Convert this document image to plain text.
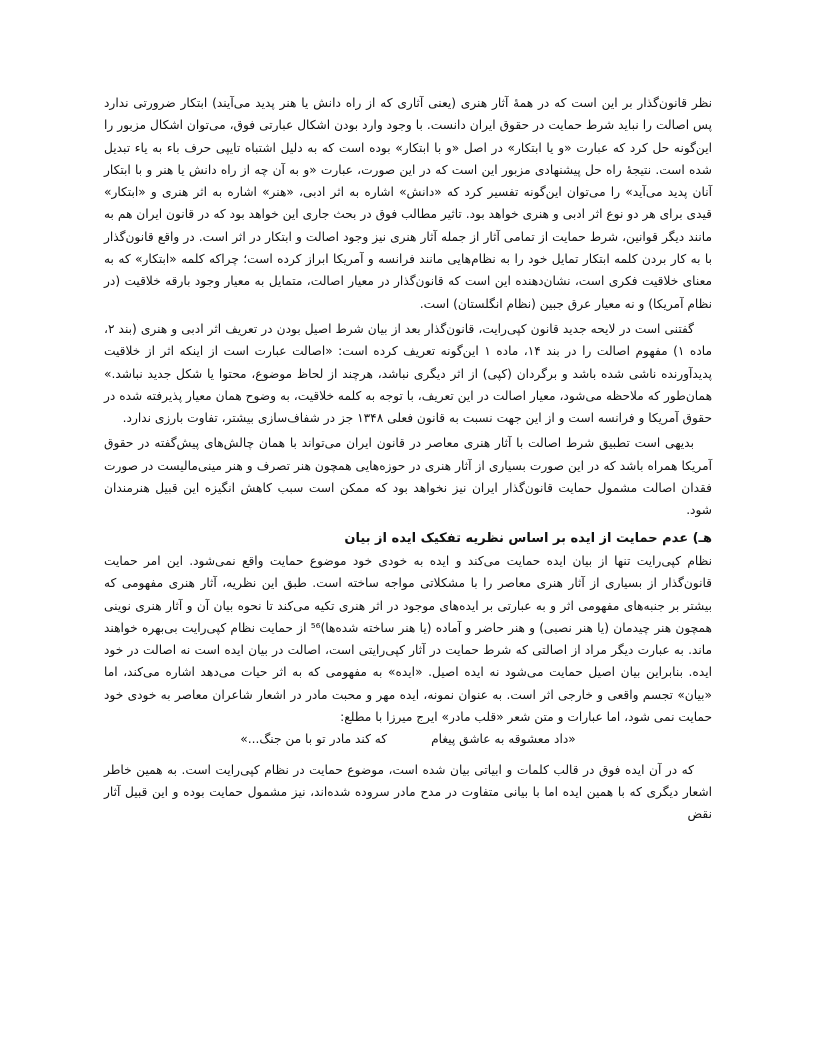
نظر قانون‌گذار بر این است که در همهٔ آثار هنری (یعنی آثاری که از راه دانش یا هنر پدید می‌آیند) ابتکار ضرورتی ندارد پس اصالت را نباید شرط حمایت در حقوق ایران دانست. با وجود وارد بودن اشکال عبارتی فوق، می‌توان اشکال مزبور را این‌گونه حل کرد که عبارت «و یا ابتکار» در اصل «و با ابتکار» بوده است که به دلیل اشتباه تایپی حرف باء به یاء تبدیل شده است. نتیجهٔ راه حل پیشنهادی مزبور این است که در این صورت، عبارت «و به آن چه از راه دانش یا هنر و با ابتکار آنان پدید می‌آید» را می‌توان این‌گونه تفسیر کرد که «دانش» اشاره به اثر ادبی، «هنر» اشاره به اثر هنری و «ابتکار» قیدی برای هر دو نوع اثر ادبی و هنری خواهد بود. تاثیر مطالب فوق در بحث جاری این خواهد بود که در قانون ایران هم به مانند دیگر قوانین، شرط حمایت از تمامی آثار از جمله آثار هنری نیز وجود اصالت و ابتکار در اثر است. در واقع قانون‌گذار با به کار بردن کلمه ابتکار تمایل خود را به نظام‌هایی مانند فرانسه و آمریکا ابراز کرده است؛ چراکه کلمه «ابتکار» که به معنای خلاقیت فکری است، نشان‌دهنده این است که قانون‌گذار در معیار اصالت، متمایل به معیار وجود بارقه خلاقیت (در نظام آمریکا) و نه معیار عرق جبین (نظام انگلستان) است.

گفتنی است در لایحه جدید قانون کپی‌رایت، قانون‌گذار بعد از بیان شرط اصیل بودن در تعریف اثر ادبی و هنری (بند ۲، ماده ۱) مفهوم اصالت را در بند ۱۴، ماده ۱ این‌گونه تعریف کرده است: «اصالت عبارت است از اینکه اثر از خلاقیت پدیدآورنده ناشی شده باشد و برگردان (کپی) از اثر دیگری نباشد، هرچند از لحاظ موضوع، محتوا یا شکل جدید نباشد.» همان‌طور که ملاحظه می‌شود، معیار اصالت در این تعریف، با توجه به کلمه خلاقیت، به وضوح همان معیار پذیرفته شده در حقوق آمریکا و فرانسه است و از این جهت نسبت به قانون فعلی ۱۳۴۸ جز در شفاف‌سازی بیشتر، تفاوت بارزی ندارد.

بدیهی است تطبیق شرط اصالت با آثار هنری معاصر در قانون ایران می‌تواند با همان چالش‌های پیش‌گفته در حقوق آمریکا همراه باشد که در این صورت بسیاری از آثار هنری در حوزه‌هایی همچون هنر تصرف و هنر مینی‌مالیست در صورت فقدان اصالت مشمول حمایت قانون‌گذار ایران نیز نخواهد بود که ممکن است سبب کاهش انگیزه این قبیل هنرمندان شود.

هـ) عدم حمایت از ایده بر اساس نظریه تفکیک ایده از بیان

نظام کپی‌رایت تنها از بیان ایده حمایت می‌کند و ایده به خودی خود موضوع حمایت واقع نمی‌شود. این امر حمایت قانون‌گذار از بسیاری از آثار هنری معاصر را با مشکلاتی مواجه ساخته است. طبق این نظریه، آثار هنری مفهومی که بیشتر بر جنبه‌های مفهومی اثر و به عبارتی بر ایده‌های موجود در اثر هنری تکیه می‌کند تا نحوه بیان آن و آثار هنری نوینی همچون هنر چیدمان (یا هنر نصبی) و هنر حاضر و آماده (یا هنر ساخته شده‌ها)⁵⁶ از حمایت نظام کپی‌رایت بی‌بهره خواهند ماند. به عبارت دیگر مراد از اصالتی که شرط حمایت در آثار کپی‌رایتی است، اصالت در بیان ایده است نه اصالت در خود ایده. بنابراین بیان اصیل حمایت می‌شود نه ایده اصیل. «ایده» به مفهومی که به اثر حیات می‌دهد اشاره می‌کند، اما «بیان» تجسم واقعی و خارجی اثر است. به عنوان نمونه، ایده مهر و محبت مادر در اشعار شاعران معاصر به خودی خود حمایت نمی شود، اما عبارات و متن شعر «قلب مادر» ایرج میرزا با مطلع:

«داد معشوقه به عاشق پیغام
که کند مادر تو با من جنگ...»

که در آن ایده فوق در قالب کلمات و ابیاتی بیان شده است، موضوع حمایت در نظام کپی‌رایت است. به همین خاطر اشعار دیگری که با همین ایده اما با بیانی متفاوت در مدح مادر سروده شده‌اند، نیز مشمول حمایت بوده و این قبیل آثار نقض
